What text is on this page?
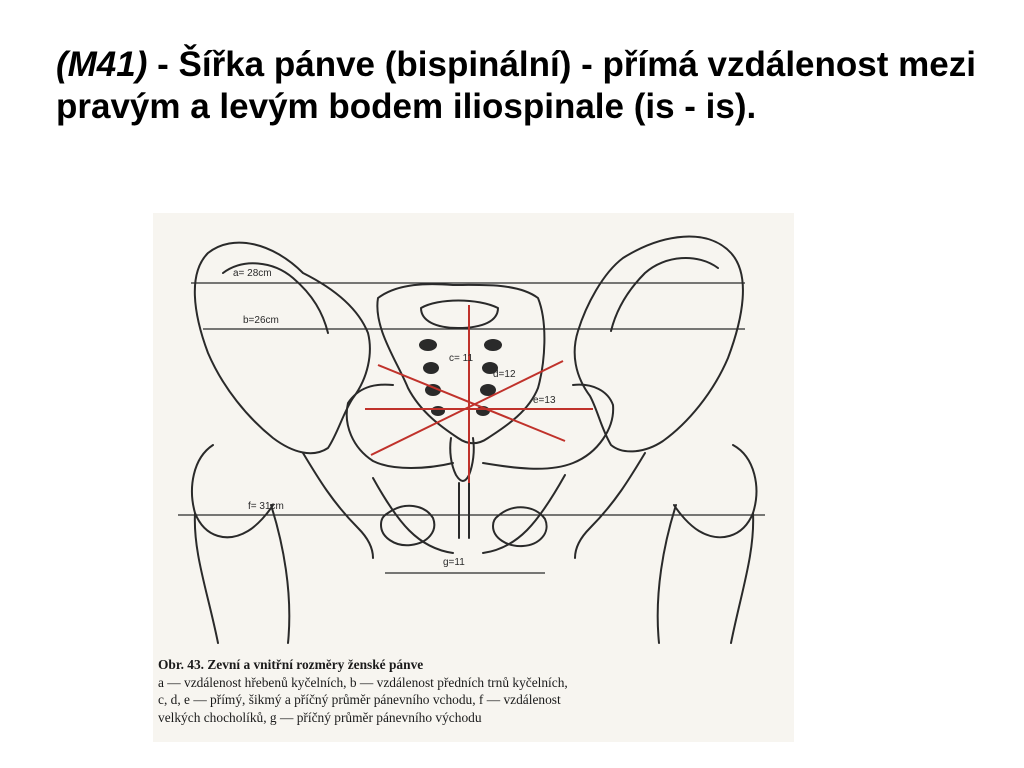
(M41) - Šířka pánve (bispinální) - přímá vzdálenost mezi pravým a levým bodem iliospinale (is - is).
a= 28cm
b=26cm
c= 11
d=12
e=13
f= 31cm
g=11
Obr. 43. Zevní a vnitřní rozměry ženské pánve
a — vzdálenost hřebenů kyčelních, b — vzdálenost předních trnů kyčelních,
c, d, e — přímý, šikmý a příčný průměr pánevního vchodu, f — vzdálenost
velkých chocholíků, g — příčný průměr pánevního východu
